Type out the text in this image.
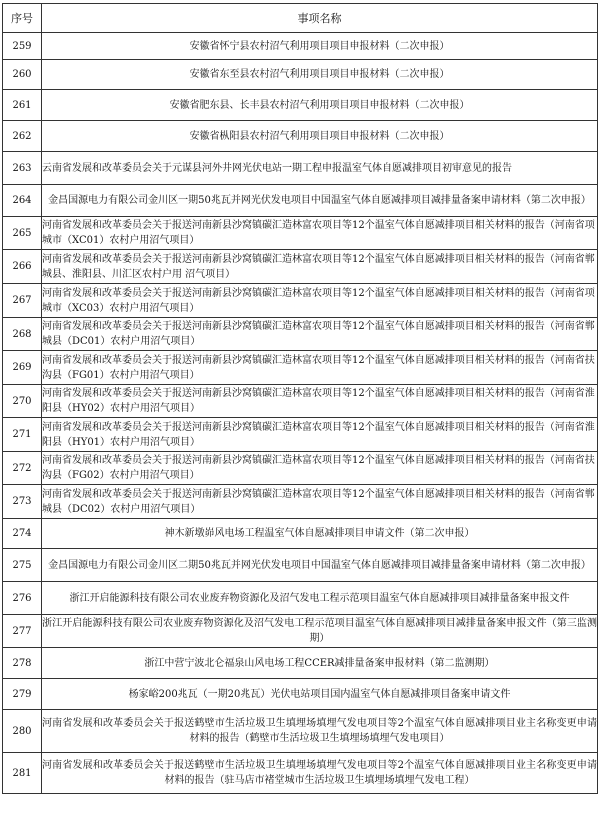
序号	事项名称
259	安徽省怀宁县农村沼气利用项目项目申报材料（二次申报）
260	安徽省东至县农村沼气利用项目项目申报材料（二次申报）
261	安徽省肥东县、长丰县农村沼气利用项目项目申报材料（二次申报）
262	安徽省枞阳县农村沼气利用项目项目申报材料（二次申报）
263	云南省发展和改革委员会关于元谋县河外井网光伏电站一期工程申报温室气体自愿减排项目初审意见的报告
264	金昌国源电力有限公司金川区一期50兆瓦并网光伏发电项目中国温室气体自愿减排项目减排量备案申请材料（第二次申报）
265	河南省发展和改革委员会关于报送河南新县沙窝镇碳汇造林富农项目等12个温室气体自愿减排项目相关材料的报告（河南省项城市（XC01）农村户用沼气项目）
266	河南省发展和改革委员会关于报送河南新县沙窝镇碳汇造林富农项目等12个温室气体自愿减排项目相关材料的报告（河南省郸城县、淮阳县、川汇区农村户用 沼气项目）
267	河南省发展和改革委员会关于报送河南新县沙窝镇碳汇造林富农项目等12个温室气体自愿减排项目相关材料的报告（河南省项城市（XC03）农村户用沼气项目）
268	河南省发展和改革委员会关于报送河南新县沙窝镇碳汇造林富农项目等12个温室气体自愿减排项目相关材料的报告（河南省郸城县（DC01）农村户用沼气项目）
269	河南省发展和改革委员会关于报送河南新县沙窝镇碳汇造林富农项目等12个温室气体自愿减排项目相关材料的报告（河南省扶沟县（FG01）农村户用沼气项目）
270	河南省发展和改革委员会关于报送河南新县沙窝镇碳汇造林富农项目等12个温室气体自愿减排项目相关材料的报告（河南省淮阳县（HY02）农村户用沼气项目）
271	河南省发展和改革委员会关于报送河南新县沙窝镇碳汇造林富农项目等12个温室气体自愿减排项目相关材料的报告（河南省淮阳县（HY01）农村户用沼气项目）
272	河南省发展和改革委员会关于报送河南新县沙窝镇碳汇造林富农项目等12个温室气体自愿减排项目相关材料的报告（河南省扶沟县（FG02）农村户用沼气项目）
273	河南省发展和改革委员会关于报送河南新县沙窝镇碳汇造林富农项目等12个温室气体自愿减排项目相关材料的报告（河南省郸城县（DC02）农村户用沼气项目）
274	神木新墩峁风电场工程温室气体自愿减排项目申请文件（第二次申报）
275	金昌国源电力有限公司金川区二期50兆瓦并网光伏发电项目中国温室气体自愿减排项目减排量备案申请材料（第二次申报）
276	浙江开启能源科技有限公司农业废弃物资源化及沼气发电工程示范项目温室气体自愿减排项目减排量备案申报文件
277	浙江开启能源科技有限公司农业废弃物资源化及沼气发电工程示范项目温室气体自愿减排项目减排量备案申报文件（第三监测期）
278	浙江中营宁波北仑福泉山风电场工程CCER减排量备案申报材料（第二监测期）
279	杨家峪200兆瓦（一期20兆瓦）光伏电站项目国内温室气体自愿减排项目备案申请文件
280	河南省发展和改革委员会关于报送鹤壁市生活垃圾卫生填埋场填埋气发电项目等2个温室气体自愿减排项目业主名称变更申请材料的报告（鹤壁市生活垃圾卫生填埋场填埋气发电项目）
281	河南省发展和改革委员会关于报送鹤壁市生活垃圾卫生填埋场填埋气发电项目等2个温室气体自愿减排项目业主名称变更申请材料的报告（驻马店市褚堂城市生活垃圾卫生填埋场填埋气发电工程）
